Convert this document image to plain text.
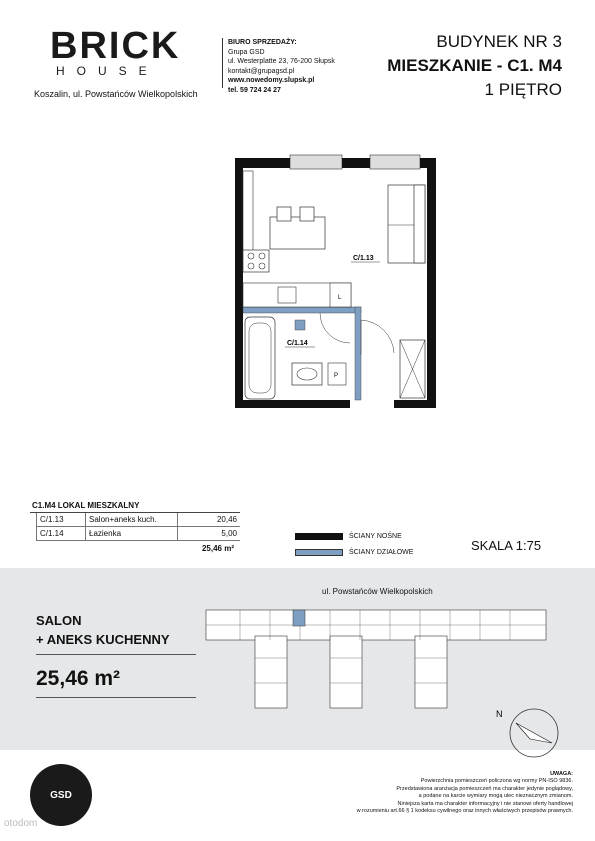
BRICK
HOUSE
Koszalin, ul. Powstańców Wielkopolskich
BIURO SPRZEDAŻY:
Grupa GSD
ul. Westerplatte 23, 76-200 Słupsk
kontakt@grupagsd.pl
www.nowedomy.slupsk.pl
tel. 59 724 24 27
BUDYNEK NR 3
MIESZKANIE - C1. M4
1 PIĘTRO
L
P
C/1.13
C/1.14
C1.M4 LOKAL MIESZKALNY
C/1.13	Salon+aneks kuch.	20,46
C/1.14	Łazienka	5,00
25,46 m²
ŚCIANY NOŚNE
ŚCIANY DZIAŁOWE	SKALA 1:75
ul. Powstańców Wielkopolskich
SALON
+ ANEKS KUCHENNY
25,46 m²
N
GSD
UWAGA:
Powierzchnia pomieszczeń policzona wg normy PN-ISO 9836.
Przedstawiona aranżacja pomieszczeń ma charakter jedynie poglądowy,
a podane na karcie wymiary mogą ulec nieznacznym zmianom.
Niniejsza karta ma charakter informacyjny i nie stanowi oferty handlowej
w rozumieniu art.66 § 1 kodeksu cywilnego oraz innych właściwych przepisów prawnych.
otodom
